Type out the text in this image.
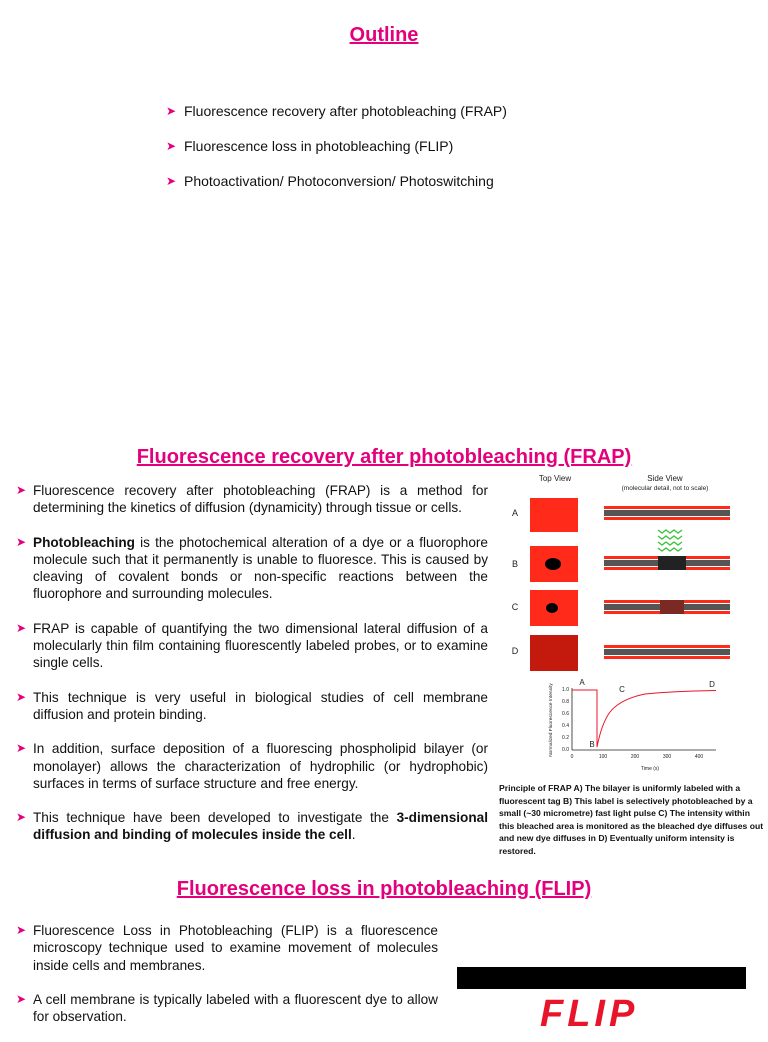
Outline
➤ Fluorescence recovery after photobleaching (FRAP)
➤ Fluorescence loss in photobleaching (FLIP)
➤ Photoactivation/ Photoconversion/ Photoswitching
Fluorescence recovery after photobleaching (FRAP)
➤ Fluorescence recovery after photobleaching (FRAP) is a method for determining the kinetics of diffusion (dynamicity) through tissue or cells.
➤ Photobleaching is the photochemical alteration of a dye or a fluorophore molecule such that it permanently is unable to fluoresce. This is caused by cleaving of covalent bonds or non-specific reactions between the fluorophore and surrounding molecules.
➤ FRAP is capable of quantifying the two dimensional lateral diffusion of a molecularly thin film containing fluorescently labeled probes, or to examine single cells.
➤ This technique is very useful in biological studies of cell membrane diffusion and protein binding.
➤ In addition, surface deposition of a fluorescing phospholipid bilayer (or monolayer) allows the characterization of hydrophilic (or hydrophobic) surfaces in terms of surface structure and free energy.
➤ This technique have been developed to investigate the 3-dimensional diffusion and binding of molecules inside the cell.
Top View	Side View
(molecular detail, not to scale)
A
B
C
D
Normalized Fluorescence Intensity 1.0
0.8
0.6
0.4
0.2
0.0
0	100	200	300	400
Time (s)
A
B
C
D

Principle of FRAP A) The bilayer is uniformly labeled with a fluorescent tag B) This label is selectively photobleached by a small (~30 micrometre) fast light pulse C) The intensity within this bleached area is monitored as the bleached dye diffuses out and new dye diffuses in D) Eventually uniform intensity is restored.

Fluorescence loss in photobleaching (FLIP)
➤ Fluorescence Loss in Photobleaching (FLIP) is a fluorescence microscopy technique used to examine movement of molecules inside cells and membranes.
➤ A cell membrane is typically labeled with a fluorescent dye to allow for observation.	FLIP
